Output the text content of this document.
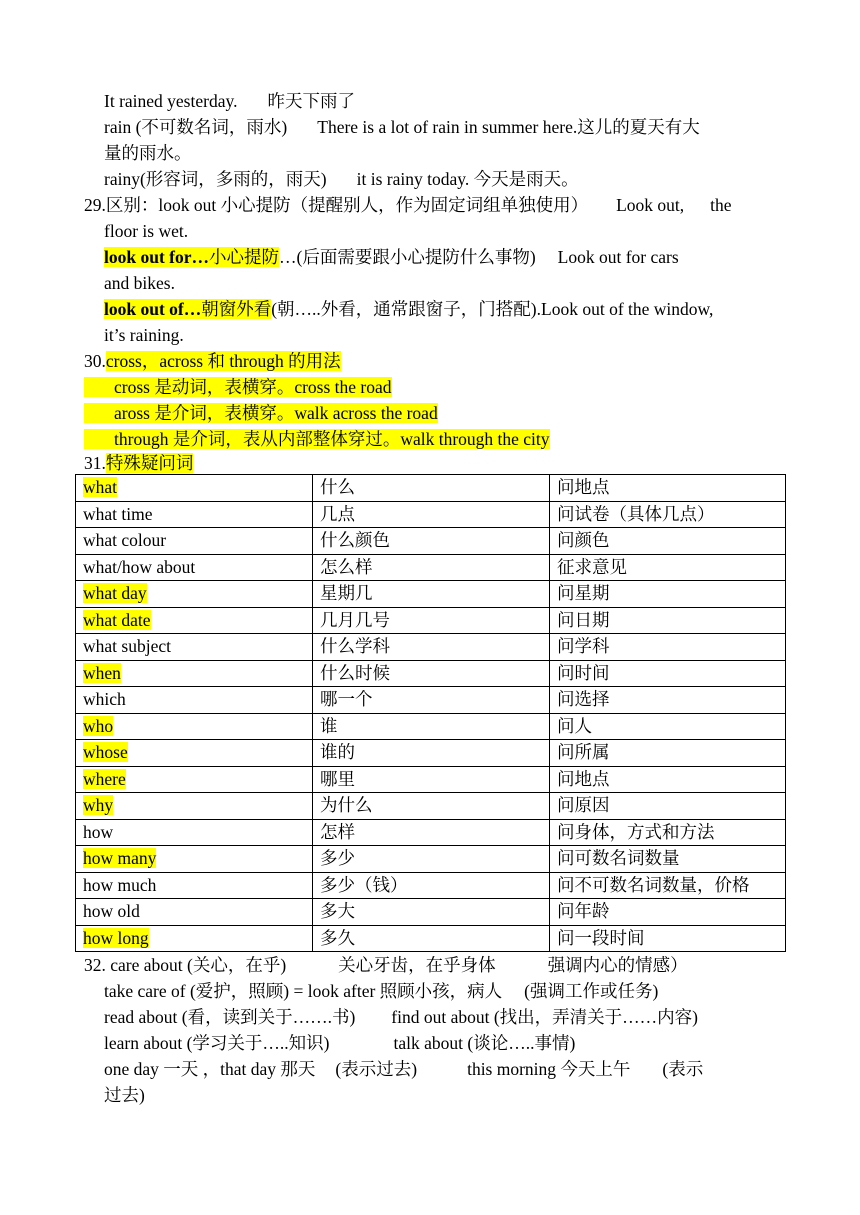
It rained yesterday. 昨天下雨了
rain (不可数名词，雨水) There is a lot of rain in summer here.这儿的夏天有大
量的雨水。
rainy(形容词，多雨的，雨天) it is rainy today. 今天是雨天。
29.区别：look out 小心提防（提醒别人，作为固定词组单独使用） Look out, the
floor is wet.
look out for…小心提防…(后面需要跟小心提防什么事物) Look out for cars
and bikes.
look out of…朝窗外看(朝…..外看，通常跟窗子，门搭配).Look out of the window,
it’s raining.
30.cross，across 和 through 的用法
cross 是动词，表横穿。cross the road
aross 是介词，表横穿。walk across the road
through 是介词，表从内部整体穿过。walk through the city
31.特殊疑问词
what	什么	问地点
what time	几点	问试卷（具体几点）
what colour	什么颜色	问颜色
what/how about	怎么样	征求意见
what day	星期几	问星期
what date	几月几号	问日期
what subject	什么学科	问学科
when	什么时候	问时间
which	哪一个	问选择
who	谁	问人
whose	谁的	问所属
where	哪里	问地点
why	为什么	问原因
how	怎样	问身体，方式和方法
how many	多少	问可数名词数量
how much	多少（钱）	问不可数名词数量，价格
how old	多大	问年龄
how long	多久	问一段时间
32. care about (关心，在乎)	关心牙齿，在乎身体	强调内心的情感）
take care of (爱护，照顾) = look after 照顾小孩，病人 (强调工作或任务)
read about (看，读到关于…….书) find out about (找出，弄清关于……内容)
learn about (学习关于…..知识)	talk about (谈论…..事情)
one day 一天 ，that day 那天 (表示过去)	this morning 今天上午 (表示
过去)
